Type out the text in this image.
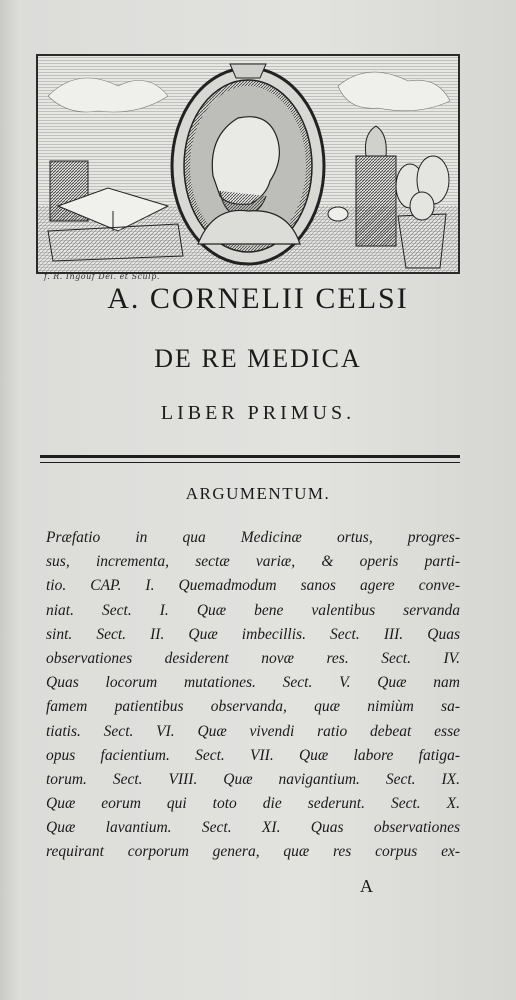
f. R. Ingouf Del. et Sculp.
A. CORNELII CELSI
DE RE MEDICA
LIBER PRIMUS.
ARGUMENTUM.
Præfatio in qua Medicinæ ortus, progres-
sus, incrementa, sectæ variæ, & operis parti-
tio. CAP. I. Quemadmodum sanos agere conve-
niat. Sect. I. Quæ bene valentibus servanda
sint. Sect. II. Quæ imbecillis. Sect. III. Quas
observationes desiderent novæ res. Sect. IV.
Quas locorum mutationes. Sect. V. Quæ nam
famem patientibus observanda, quæ nimiùm sa-
tiatis. Sect. VI. Quæ vivendi ratio debeat esse
opus facientium. Sect. VII. Quæ labore fatiga-
torum. Sect. VIII. Quæ navigantium. Sect. IX.
Quæ eorum qui toto die sederunt. Sect. X.
Quæ lavantium. Sect. XI. Quas observationes
requirant corporum genera, quæ res corpus ex-
A
